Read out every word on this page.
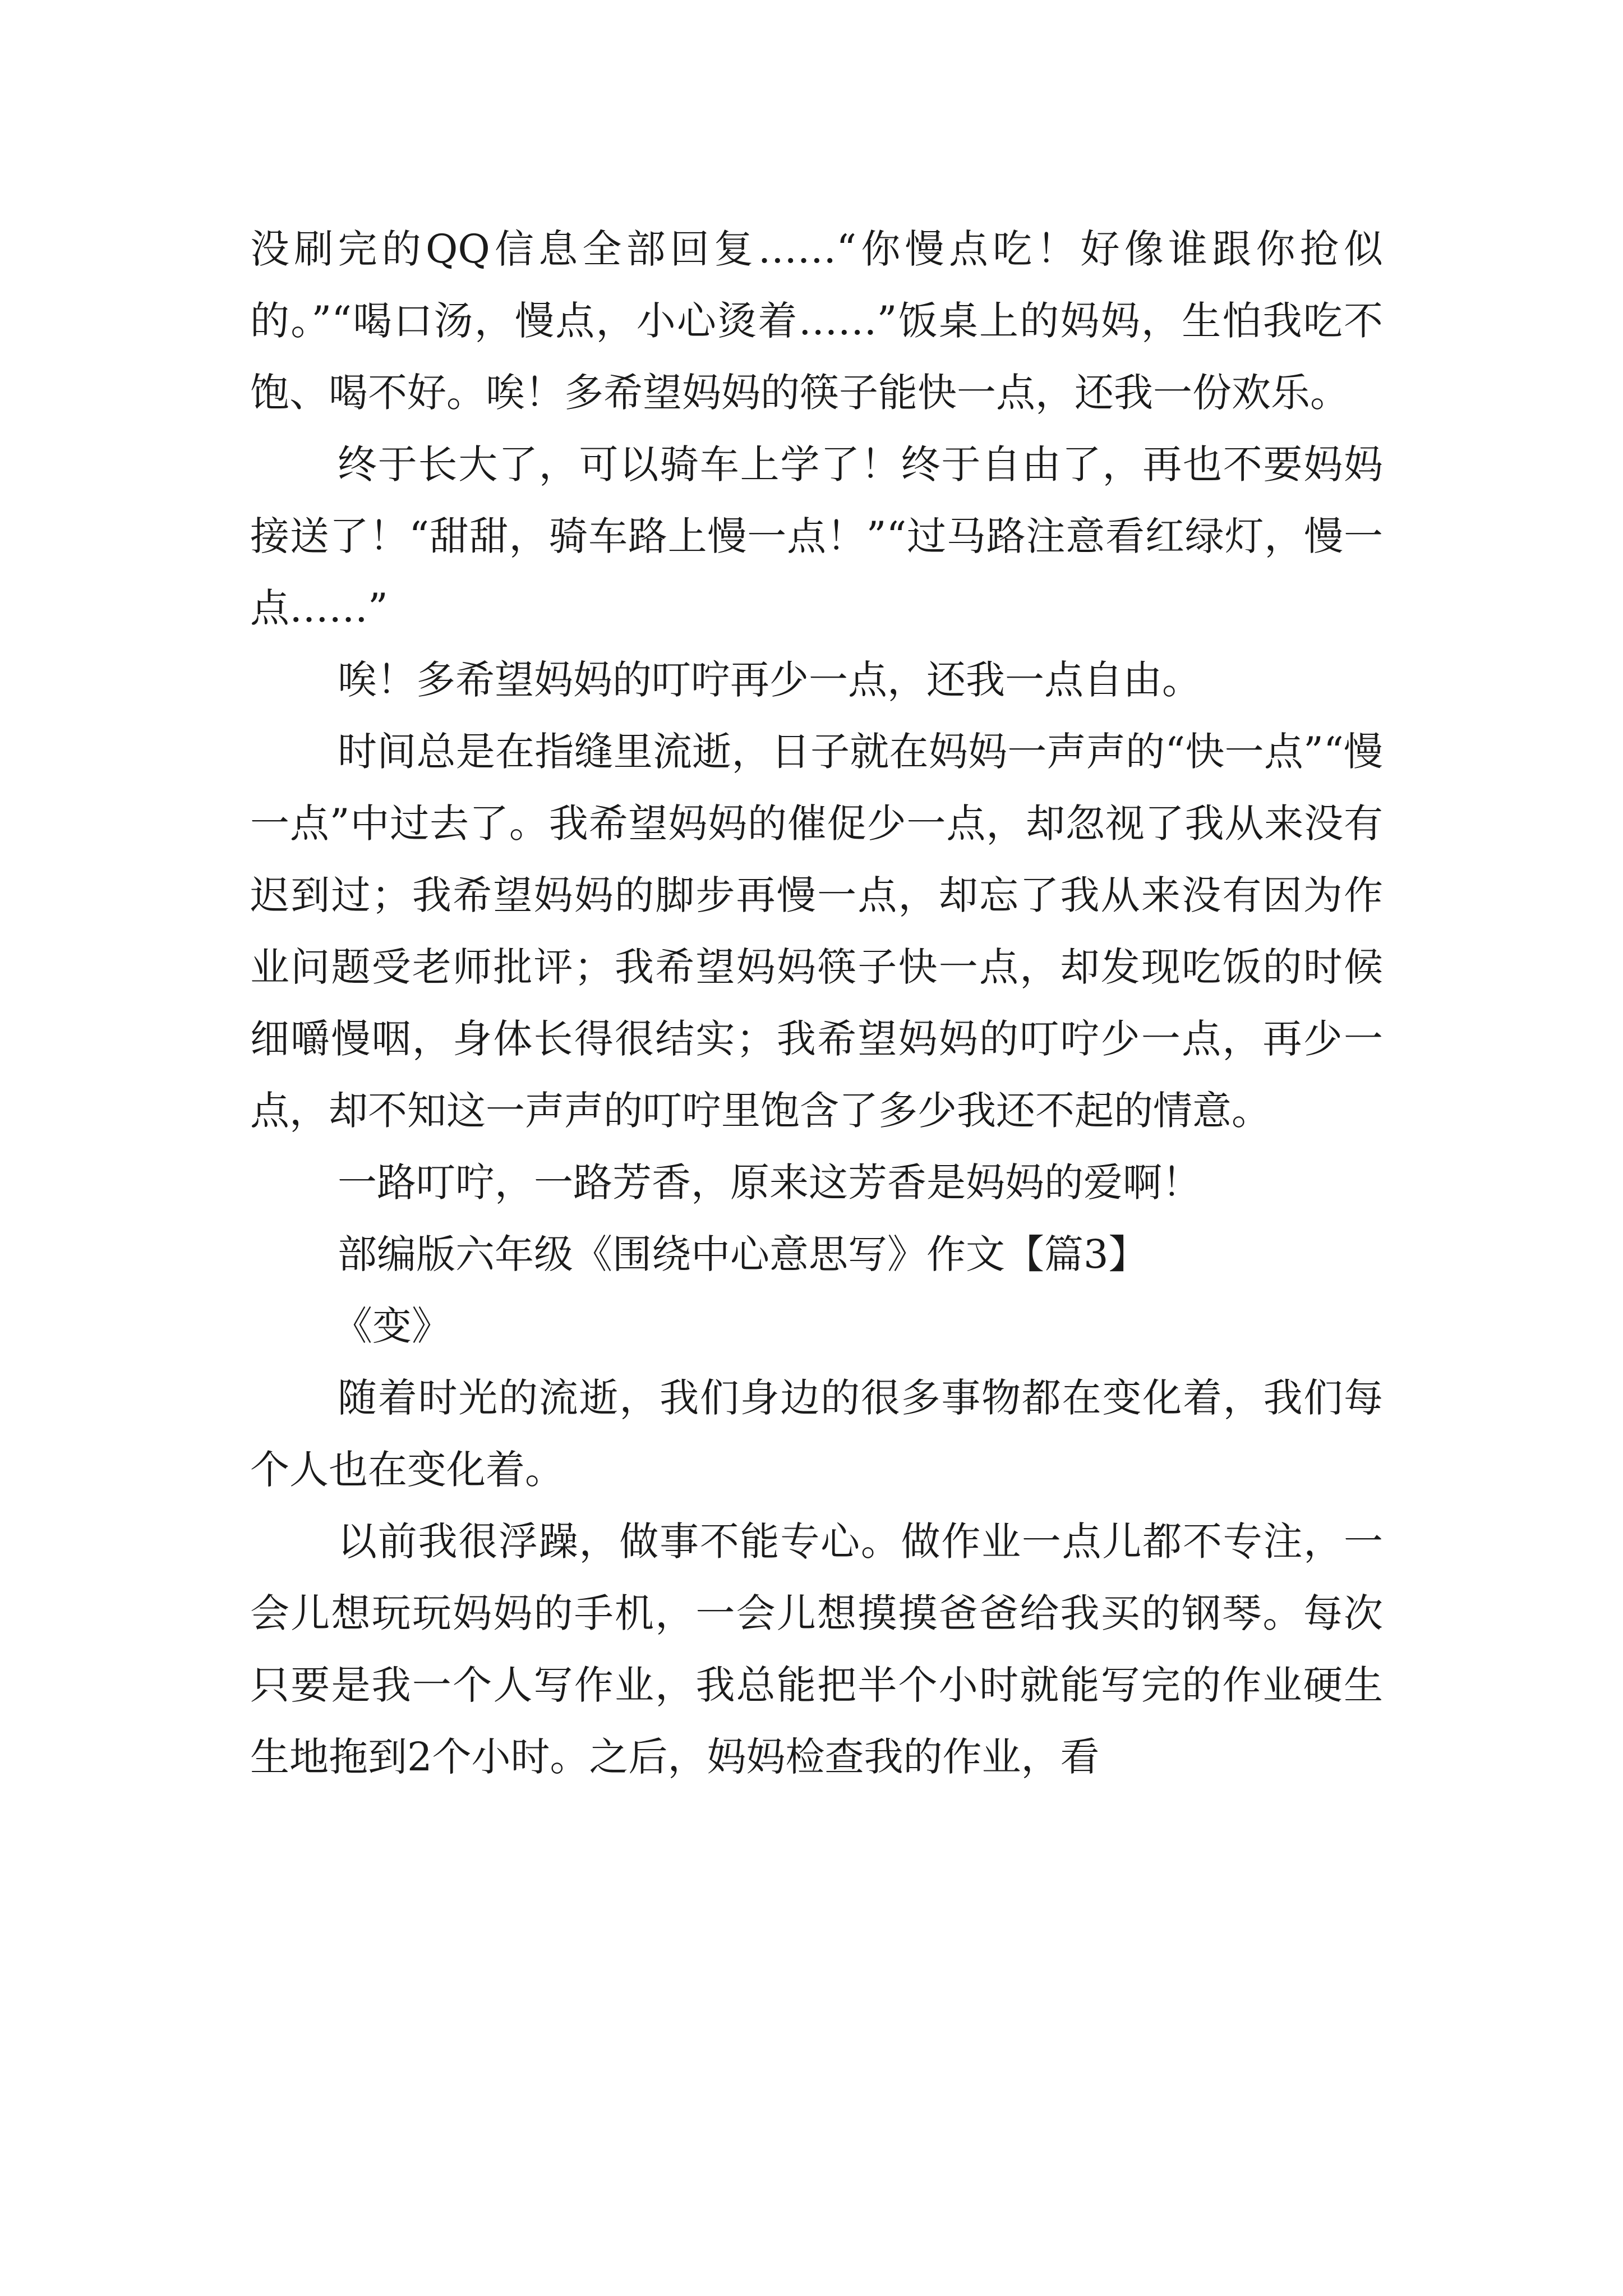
没刷完的QQ信息全部回复……“你慢点吃！好像谁跟你抢似的。”“喝口汤，慢点，小心烫着……”饭桌上的妈妈，生怕我吃不饱、喝不好。唉！多希望妈妈的筷子能快一点，还我一份欢乐。

终于长大了，可以骑车上学了！终于自由了，再也不要妈妈接送了！“甜甜，骑车路上慢一点！”“过马路注意看红绿灯，慢一点……”

唉！多希望妈妈的叮咛再少一点，还我一点自由。

时间总是在指缝里流逝，日子就在妈妈一声声的“快一点”“慢一点”中过去了。我希望妈妈的催促少一点，却忽视了我从来没有迟到过；我希望妈妈的脚步再慢一点，却忘了我从来没有因为作业问题受老师批评；我希望妈妈筷子快一点，却发现吃饭的时候细嚼慢咽，身体长得很结实；我希望妈妈的叮咛少一点，再少一点，却不知这一声声的叮咛里饱含了多少我还不起的情意。

一路叮咛，一路芳香，原来这芳香是妈妈的爱啊！

部编版六年级《围绕中心意思写》作文【篇3】

《变》

随着时光的流逝，我们身边的很多事物都在变化着，我们每个人也在变化着。

以前我很浮躁，做事不能专心。做作业一点儿都不专注，一会儿想玩玩妈妈的手机，一会儿想摸摸爸爸给我买的钢琴。每次只要是我一个人写作业，我总能把半个小时就能写完的作业硬生生地拖到2个小时。之后，妈妈检查我的作业，看
